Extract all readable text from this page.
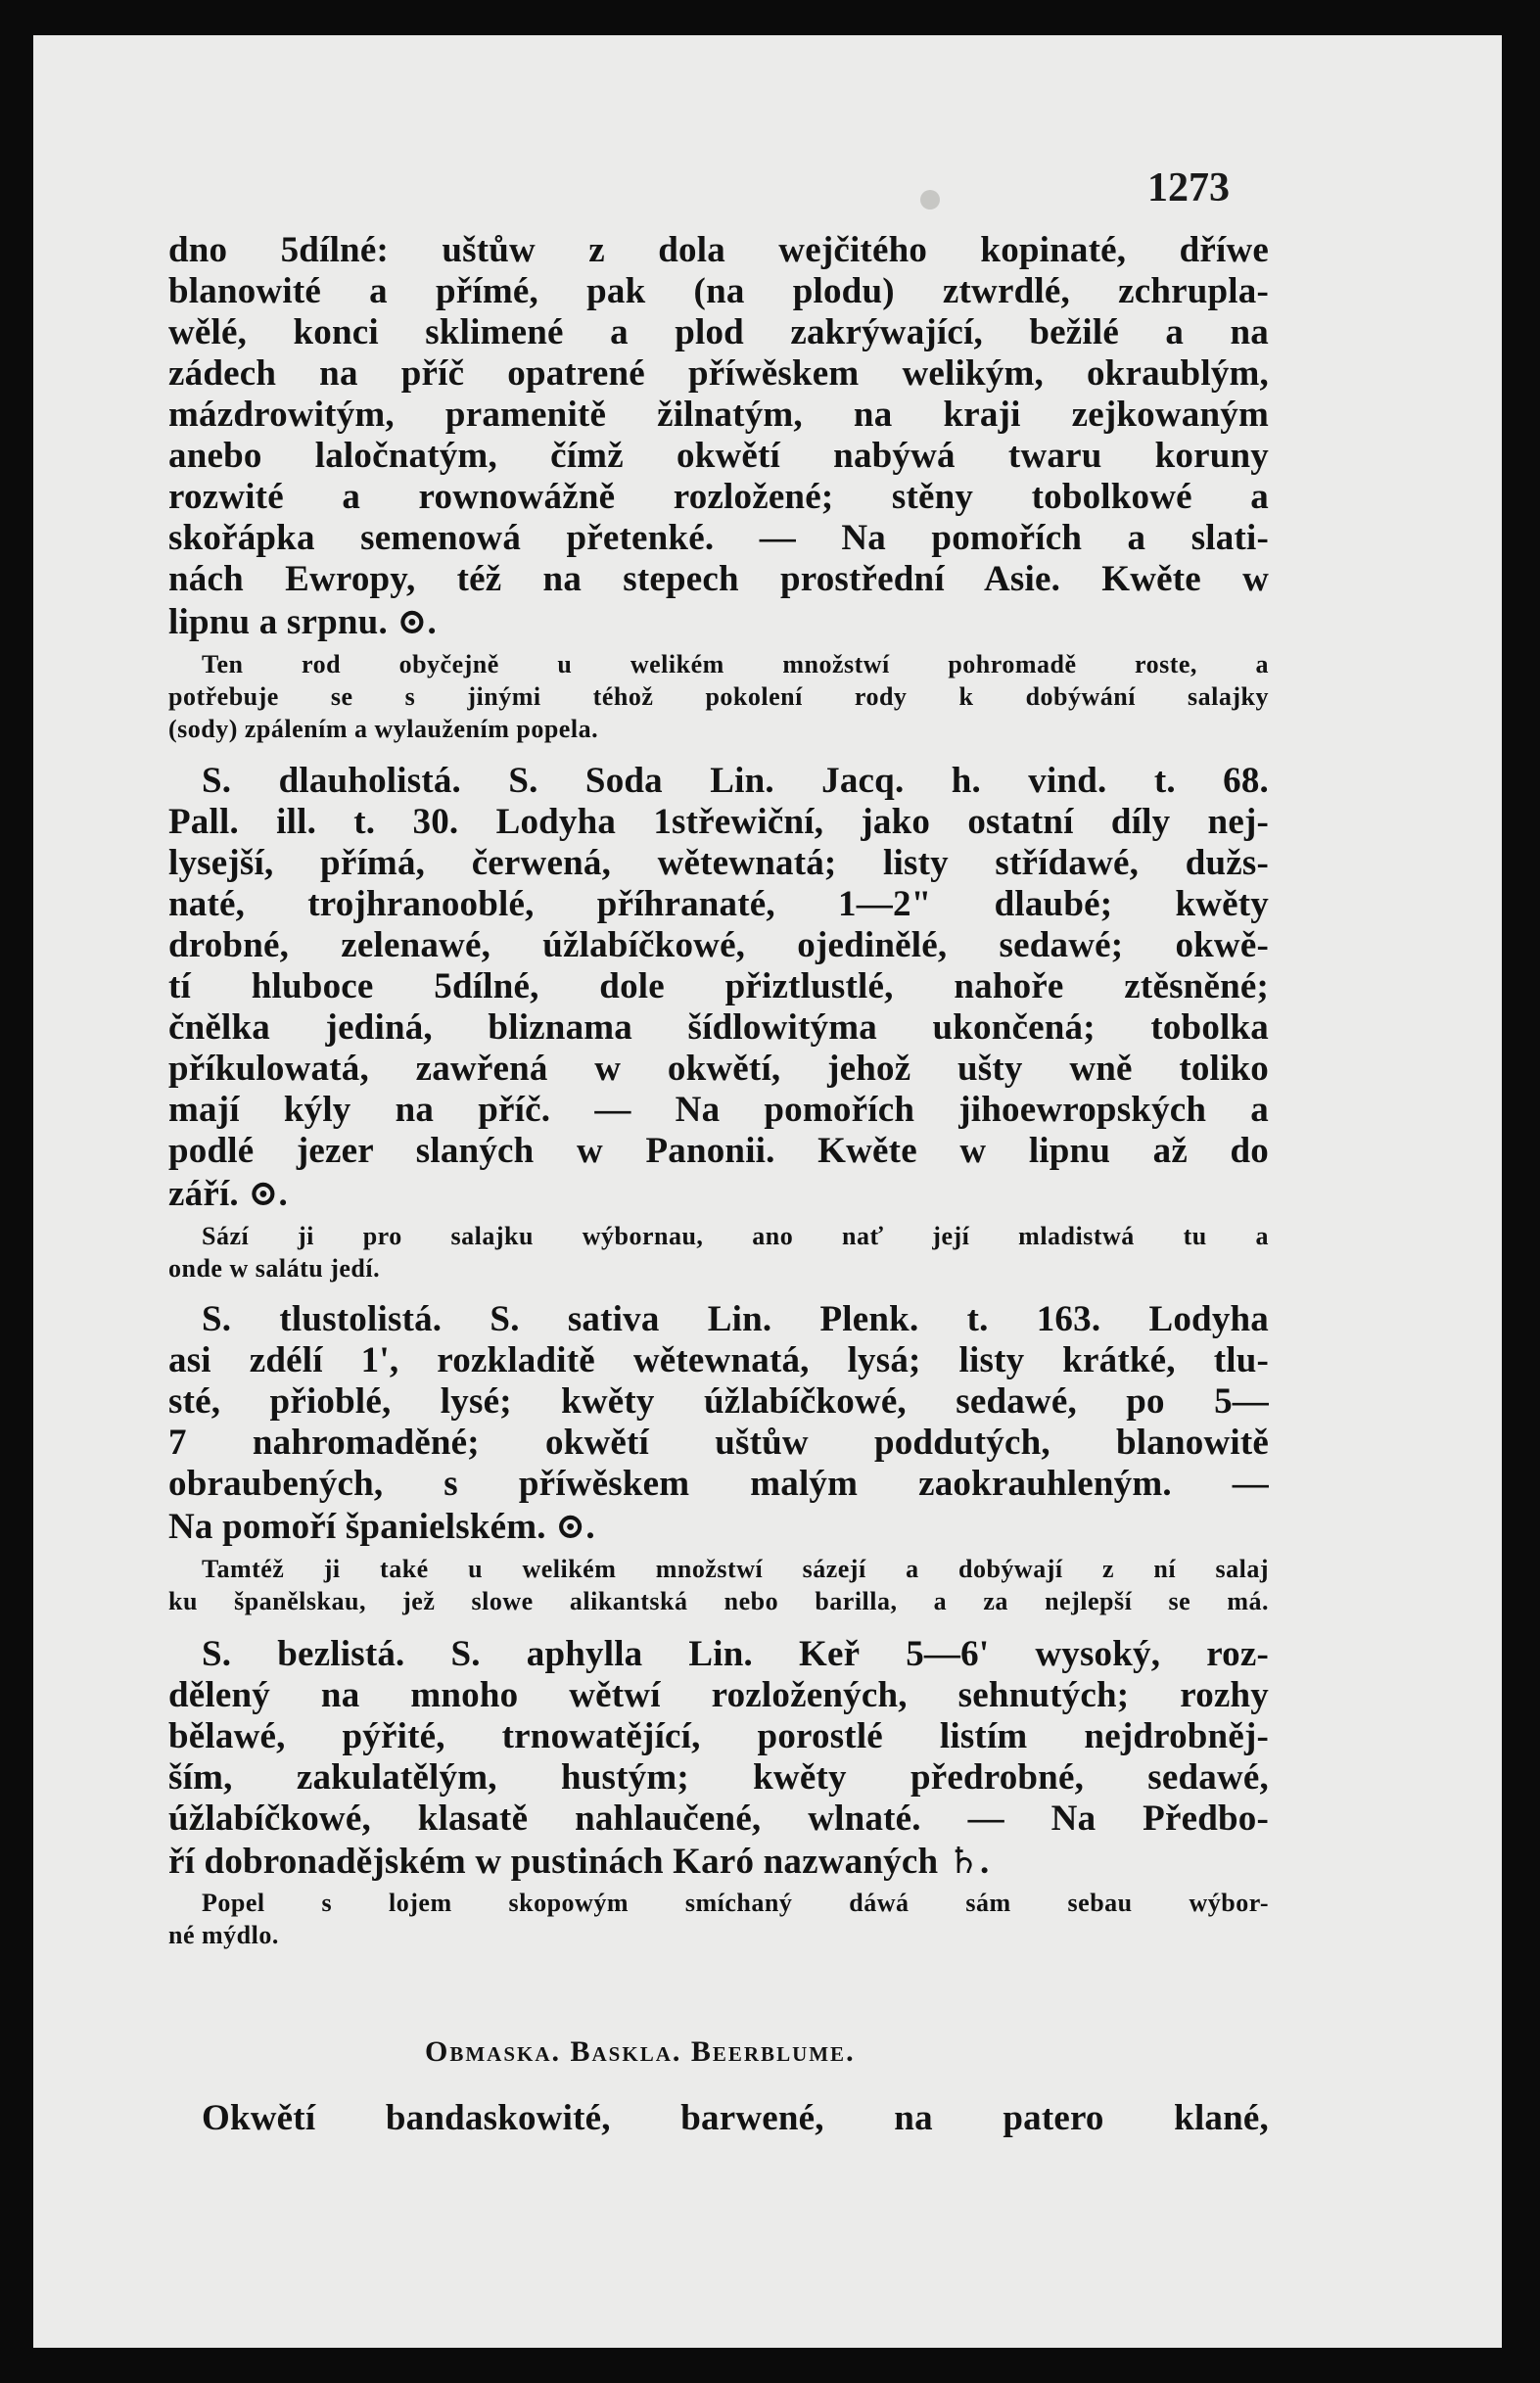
1273
dno 5dílné: uštůw z dola wejčitého kopinaté, dříwe
blanowité a přímé, pak (na plodu) ztwrdlé, zchrupla-
wělé, konci sklimené a plod zakrýwající, bežilé a na
zádech na příč opatrené příwěskem welikým, okraublým,
mázdrowitým, pramenitě žilnatým, na kraji zejkowaným
anebo laločnatým, čímž okwětí nabýwá twaru koruny
rozwité a rownowážně rozložené; stěny tobolkowé a
skořápka semenowá přetenké. — Na pomořích a slati-
nách Ewropy, též na stepech prostřední Asie. Kwěte w
lipnu a srpnu. ⊙.
Ten rod obyčejně u welikém množstwí pohromadě roste, a
potřebuje se s jinými téhož pokolení rody k dobýwání salajky
(sody) zpálením a wylaužením popela.
S. dlauholistá. S. Soda Lin. Jacq. h. vind. t. 68.
Pall. ill. t. 30. Lodyha 1střewiční, jako ostatní díly nej-
lysejší, přímá, čerwená, wětewnatá; listy střídawé, dužs-
naté, trojhranooblé, příhranaté, 1—2" dlaubé; kwěty
drobné, zelenawé, úžlabíčkowé, ojedinělé, sedawé; okwě-
tí hluboce 5dílné, dole přiztlustlé, nahoře ztěsněné;
čnělka jediná, bliznama šídlowitýma ukončená; tobolka
příkulowatá, zawřená w okwětí, jehož ušty wně toliko
mají kýly na příč. — Na pomořích jihoewropských a
podlé jezer slaných w Panonii. Kwěte w lipnu až do
září. ⊙.
Sází ji pro salajku wýbornau, ano nať její mladistwá tu a
onde w salátu jedí.
S. tlustolistá. S. sativa Lin. Plenk. t. 163. Lodyha
asi zdélí 1', rozkladitě wětewnatá, lysá; listy krátké, tlu-
sté, přioblé, lysé; kwěty úžlabíčkowé, sedawé, po 5—
7 nahromaděné; okwětí uštůw poddutých, blanowitě
obraubených, s příwěskem malým zaokrauhleným. —
Na pomoří španielském. ⊙.
Tamtéž ji také u welikém množstwí sázejí a dobýwají z ní salaj
ku španělskau, jež slowe alikantská nebo barilla, a za nejlepší se má.
S. bezlistá. S. aphylla Lin. Keř 5—6' wysoký, roz-
dělený na mnoho wětwí rozložených, sehnutých; rozhy
bělawé, pýřité, trnowatějící, porostlé listím nejdrobněj-
ším, zakulatělým, hustým; kwěty předrobné, sedawé,
úžlabíčkowé, klasatě nahlaučené, wlnaté. — Na Předbo-
ří dobronadějském w pustinách Karó nazwaných ♄.
Popel s lojem skopowým smíchaný dáwá sám sebau wýbor-
né mýdlo.
Obmaska. Baskla. Beerblume.
Okwětí bandaskowité, barwené, na patero klané,
